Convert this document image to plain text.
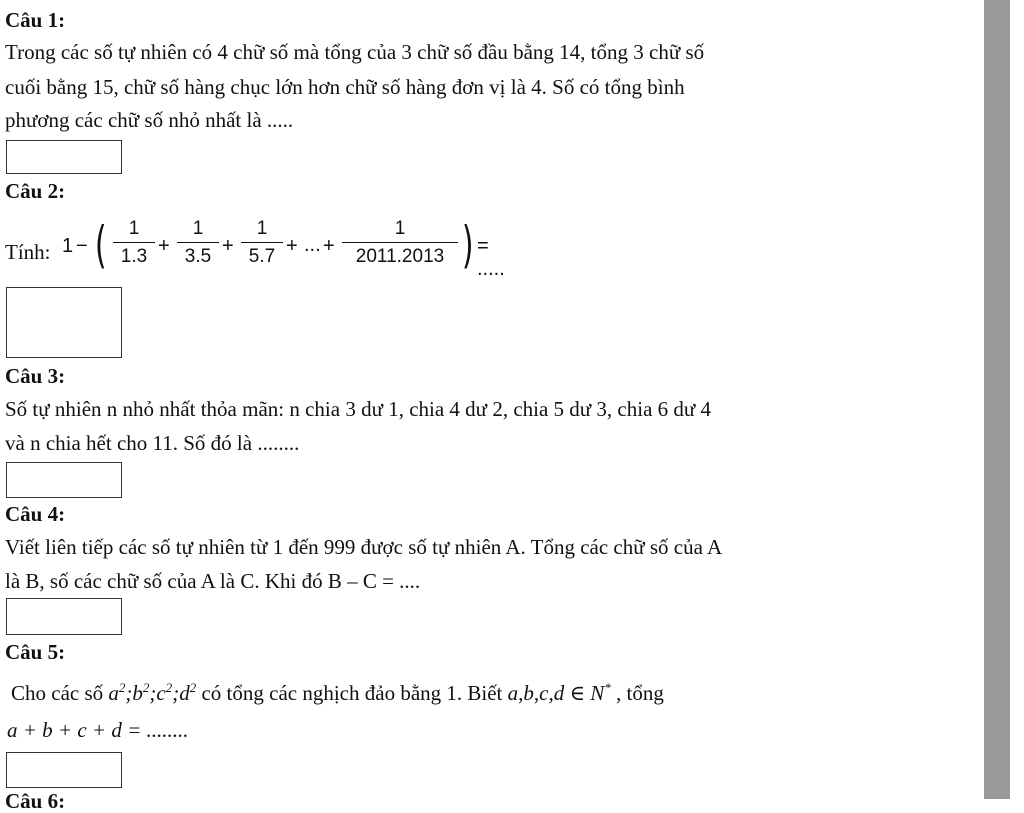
Câu 1:
Trong các số tự nhiên có 4 chữ số mà tổng của 3 chữ số đầu bằng 14, tổng 3 chữ số
cuối bằng 15, chữ số hàng chục lớn hơn chữ số hàng đơn vị là 4. Số có tổng bình
phương các chữ số nhỏ nhất là .....
Câu 2:
Tính: 1 − (	1
1.3 +
1
3.5 +
1
5.7 + ... +
1
2011.2013 ) = .....
Câu 3:
Số tự nhiên n nhỏ nhất thỏa mãn: n chia 3 dư 1, chia 4 dư 2, chia 5 dư 3, chia 6 dư 4
và n chia hết cho 11. Số đó là ........
Câu 4:
Viết liên tiếp các số tự nhiên từ 1 đến 999 được số tự nhiên A. Tổng các chữ số của A
là B, số các chữ số của A là C. Khi đó B – C = ....
Câu 5:
Cho các số $a^2;b^2;c^2;d^2$ có tổng các nghịch đảo bằng 1. Biết a,b,c,d ∈ N* , tổng
a + b + c + d = ........
Câu 6:
